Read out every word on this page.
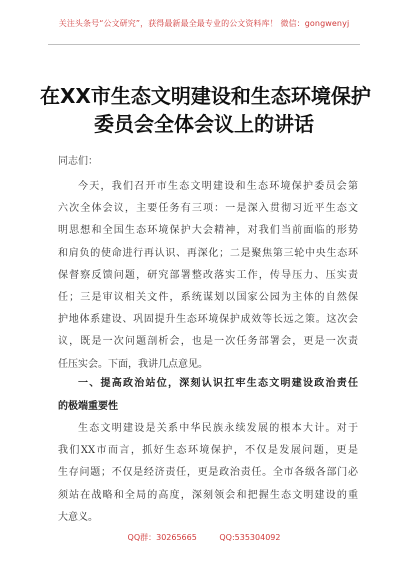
关注头条号“公文研究”，获得最新最全最专业的公文资料库！ 微信：gongwenyj
在XX市生态文明建设和生态环境保护
委员会全体会议上的讲话
同志们：
今天，我们召开市生态文明建设和生态环境保护委员会第
六次全体会议，主要任务有三项：一是深入贯彻习近平生态文
明思想和全国生态环境保护大会精神，对我们当前面临的形势
和肩负的使命进行再认识、再深化；二是聚焦第三轮中央生态环
保督察反馈问题，研究部署整改落实工作，传导压力、压实责
任；三是审议相关文件，系统谋划以国家公园为主体的自然保
护地体系建设、巩固提升生态环境保护成效等长远之策。这次会
议，既是一次问题剖析会，也是一次任务部署会，更是一次责
任压实会。下面，我讲几点意见。
一、提高政治站位，深刻认识扛牢生态文明建设政治责任
的极端重要性
生态文明建设是关系中华民族永续发展的根本大计。对于
我们XX市而言，抓好生态环境保护，不仅是发展问题，更是
生存问题；不仅是经济责任，更是政治责任。全市各级各部门必
须站在战略和全局的高度，深刻领会和把握生态文明建设的重
大意义。
QQ群：30265665	QQ:535304092
